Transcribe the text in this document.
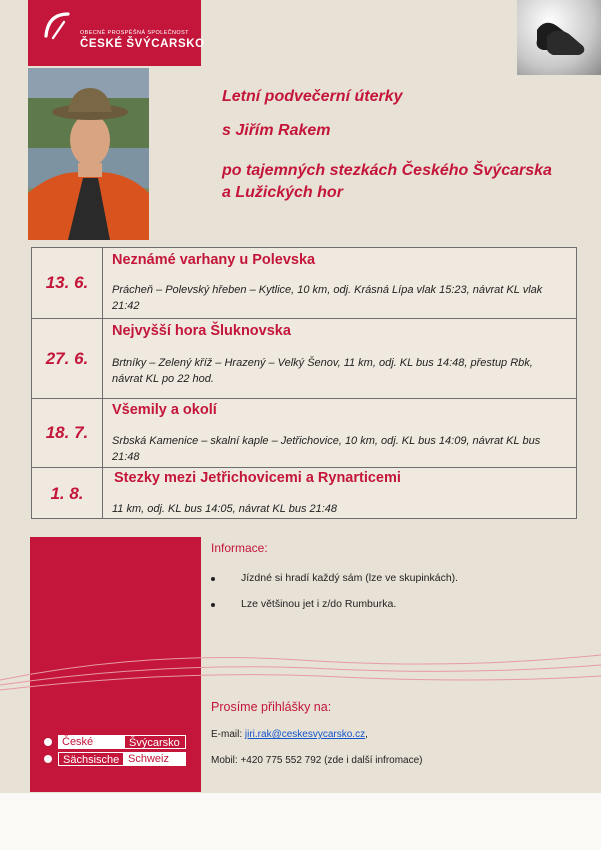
OBECNĚ PROSPĚŠNÁ SPOLEČNOST
ČESKÉ ŠVÝCARSKO
Letní podvečerní úterky
s Jiřím Rakem
po tajemných stezkách Českého Švýcarska
a Lužických hor
13. 6.
Neznámé varhany u Polevska
Prácheň – Polevský hřeben – Kytlice, 10 km, odj. Krásná Lípa vlak 15:23, návrat KL vlak 21:42
27. 6.
Nejvyšší hora Šluknovska
Brtníky – Zelený kříž – Hrazený – Velký Šenov, 11 km, odj. KL bus 14:48, přestup Rbk, návrat KL po 22 hod.
18. 7.
Všemily a okolí
Srbská Kamenice – skalní kaple – Jetřichovice, 10 km, odj. KL bus 14:09, návrat KL bus 21:48
1. 8.
Stezky mezi Jetřichovicemi a Rynarticemi
11 km, odj. KL bus 14:05, návrat KL bus 21:48
České	Švýcarsko
Sächsische Schweiz
Informace:
Jízdné si hradí každý sám (lze ve skupinkách).
Lze většinou jet i z/do Rumburka.
Prosíme přihlášky na:
E-mail: jiri.rak@ceskesvycarsko.cz,
Mobil: +420 775 552 792 (zde i další infromace)
